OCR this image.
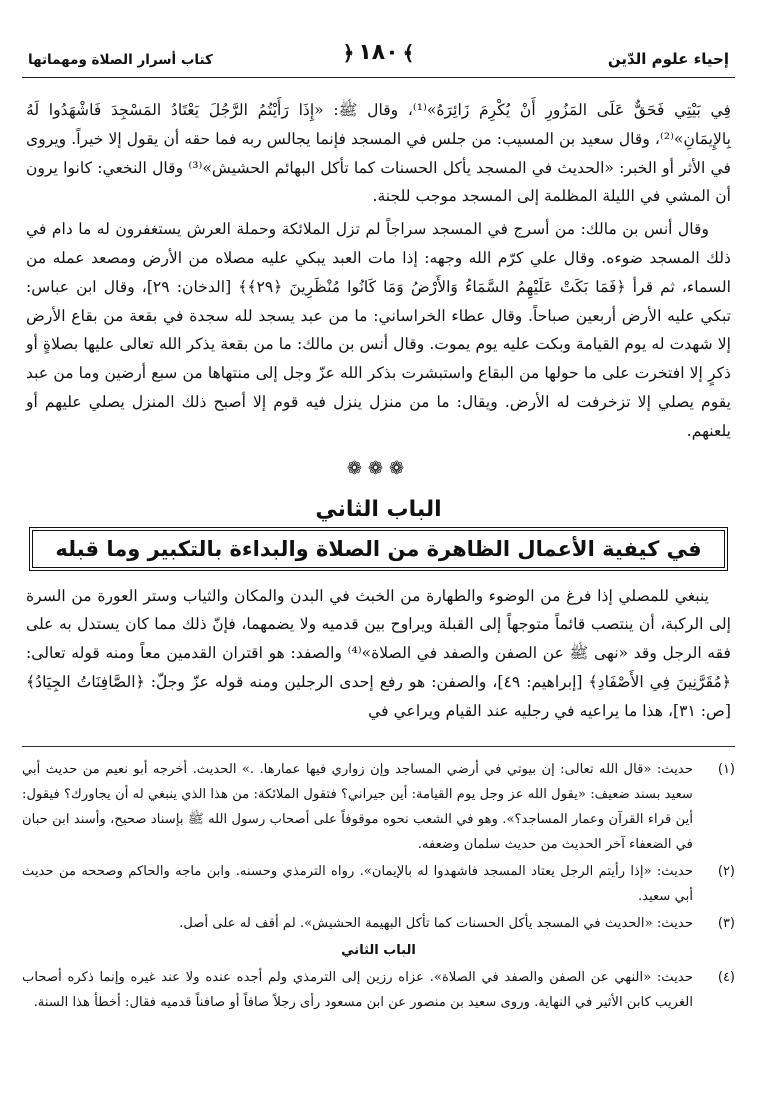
إحياء علوم الدّين
﴾
١٨٠
﴿
كتاب أسرار الصلاة ومهماتها

فِي بَيْتِي فَحَقٌّ عَلَى المَزُورِ أَنْ يُكْرِمَ زَائِرَهُ»⁽¹⁾، وقال ﷺ: «إِذَا رَأَيْتُمُ الرَّجُلَ يَعْتَادُ المَسْجِدَ فَاشْهَدُوا لَهُ بِالإِيمَانِ»⁽²⁾، وقال سعيد بن المسيب: من جلس في المسجد فإنما يجالس ربه فما حقه أن يقول إلا خيراً. ويروى في الأثر أو الخبر: «الحديث في المسجد يأكل الحسنات كما تأكل البهائم الحشيش»⁽³⁾ وقال النخعي: كانوا يرون أن المشي في الليلة المظلمة إلى المسجد موجب للجنة.

وقال أنس بن مالك: من أسرج في المسجد سراجاً لم تزل الملائكة وحملة العرش يستغفرون له ما دام في ذلك المسجد ضوءه. وقال علي كرّم الله وجهه: إذا مات العبد يبكي عليه مصلاه من الأرض ومصعد عمله من السماء، ثم قرأ ﴿فَمَا بَكَتْ عَلَيْهِمُ السَّمَاءُ وَالأَرْضُ وَمَا كَانُوا مُنْظَرِينَ ﴿٢٩﴾﴾ [الدخان: ٢٩]، وقال ابن عباس: تبكي عليه الأرض أربعين صباحاً. وقال عطاء الخراساني: ما من عبد يسجد لله سجدة في بقعة من بقاع الأرض إلا شهدت له يوم القيامة وبكت عليه يوم يموت. وقال أنس بن مالك: ما من بقعة يذكر الله تعالى عليها بصلاةٍ أو ذكرٍ إلا افتخرت على ما حولها من البقاع واستبشرت بذكر الله عزّ وجل إلى منتهاها من سبع أرضين وما من عبد يقوم يصلي إلا تزخرفت له الأرض. ويقال: ما من منزل ينزل فيه قوم إلا أصبح ذلك المنزل يصلي عليهم أو يلعنهم.

❁❁❁
الباب الثاني
في كيفية الأعمال الظاهرة من الصلاة والبداءة بالتكبير وما قبله

ينبغي للمصلي إذا فرغ من الوضوء والطهارة من الخبث في البدن والمكان والثياب وستر العورة من السرة إلى الركبة، أن ينتصب قائماً متوجهاً إلى القبلة ويراوح بين قدميه ولا يضمهما، فإنّ ذلك مما كان يستدل به على فقه الرجل وقد «نهى ﷺ عن الصفن والصفد في الصلاة»⁽⁴⁾ والصفد: هو اقتران القدمين معاً ومنه قوله تعالى: ﴿مُقَرَّنِينَ فِي الأَصْفَادِ﴾ [إبراهيم: ٤٩]، والصفن: هو رفع إحدى الرجلين ومنه قوله عزّ وجلّ: ﴿الصَّافِنَاتُ الجِيَادُ﴾ [ص: ٣١]، هذا ما يراعيه في رجليه عند القيام ويراعي في

(١)
حديث: «قال الله تعالى: إن بيوتي في أرضي المساجد وإن زواري فيها عمارها. .» الحديث. أخرجه أبو نعيم من حديث أبي سعيد بسند ضعيف: «يقول الله عز وجل يوم القيامة: أين جيراني؟ فتقول الملائكة: من هذا الذي ينبغي له أن يجاورك؟ فيقول: أين قراء القرآن وعمار المساجد؟». وهو في الشعب نحوه موقوفاً على أصحاب رسول الله ﷺ بإسناد صحيح، وأسند ابن حبان في الضعفاء آخر الحديث من حديث سلمان وضعفه.
(٢)
حديث: «إذا رأيتم الرجل يعتاد المسجد فاشهدوا له بالإيمان». رواه الترمذي وحسنه. وابن ماجه والحاكم وصححه من حديث أبي سعيد.
(٣)
حديث: «الحديث في المسجد يأكل الحسنات كما تأكل البهيمة الحشيش». لم أقف له على أصل.
الباب الثاني
(٤)
حديث: «النهي عن الصفن والصفد في الصلاة». عزاه رزين إلى الترمذي ولم أجده عنده ولا عند غيره وإنما ذكره أصحاب الغريب كابن الأثير في النهاية. وروى سعيد بن منصور عن ابن مسعود رأى رجلاً صافاً أو صافناً قدميه فقال: أخطأ هذا السنة.
